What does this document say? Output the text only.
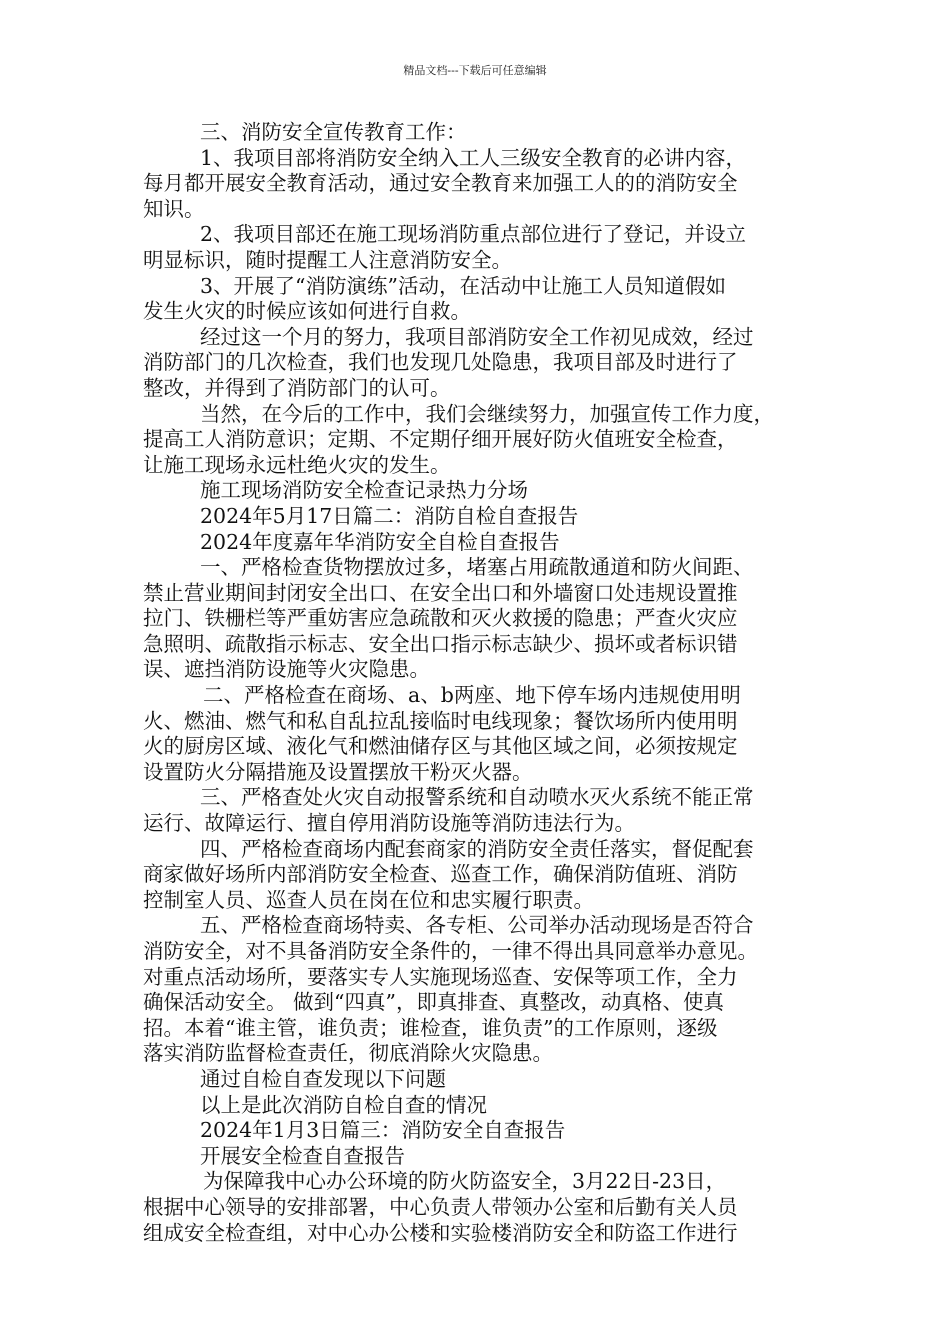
精品文档---下载后可任意编辑
三、消防安全宣传教育工作：
1、我项目部将消防安全纳入工人三级安全教育的必讲内容，
每月都开展安全教育活动，通过安全教育来加强工人的的消防安全
知识。
2、我项目部还在施工现场消防重点部位进行了登记，并设立
明显标识，随时提醒工人注意消防安全。
3、开展了“消防演练”活动，在活动中让施工人员知道假如
发生火灾的时候应该如何进行自救。
经过这一个月的努力，我项目部消防安全工作初见成效，经过
消防部门的几次检查，我们也发现几处隐患，我项目部及时进行了
整改，并得到了消防部门的认可。
当然，在今后的工作中，我们会继续努力，加强宣传工作力度，
提高工人消防意识；定期、不定期仔细开展好防火值班安全检查，
让施工现场永远杜绝火灾的发生。
施工现场消防安全检查记录热力分场
2024年5月17日篇二：消防自检自查报告
2024年度嘉年华消防安全自检自查报告
一、严格检查货物摆放过多，堵塞占用疏散通道和防火间距、
禁止营业期间封闭安全出口、在安全出口和外墙窗口处违规设置推
拉门、铁栅栏等严重妨害应急疏散和灭火救援的隐患；严查火灾应
急照明、疏散指示标志、安全出口指示标志缺少、损坏或者标识错
误、遮挡消防设施等火灾隐患。
二、严格检查在商场、a、b两座、地下停车场内违规使用明
火、燃油、燃气和私自乱拉乱接临时电线现象；餐饮场所内使用明
火的厨房区域、液化气和燃油储存区与其他区域之间，必须按规定
设置防火分隔措施及设置摆放干粉灭火器。
三、严格查处火灾自动报警系统和自动喷水灭火系统不能正常
运行、故障运行、擅自停用消防设施等消防违法行为。
四、严格检查商场内配套商家的消防安全责任落实，督促配套
商家做好场所内部消防安全检查、巡查工作，确保消防值班、消防
控制室人员、巡查人员在岗在位和忠实履行职责。
五、严格检查商场特卖、各专柜、公司举办活动现场是否符合
消防安全，对不具备消防安全条件的，一律不得出具同意举办意见。
对重点活动场所，要落实专人实施现场巡查、安保等项工作，全力
确保活动安全。 做到“四真”，即真排查、真整改，动真格、使真
招。本着“谁主管，谁负责；谁检查，谁负责”的工作原则，逐级
落实消防监督检查责任，彻底消除火灾隐患。
通过自检自查发现以下问题
以上是此次消防自检自查的情况
2024年1月3日篇三：消防安全自查报告
开展安全检查自查报告
为保障我中心办公环境的防火防盗安全，3月22日-23日，
根据中心领导的安排部署，中心负责人带领办公室和后勤有关人员
组成安全检查组，对中心办公楼和实验楼消防安全和防盗工作进行
